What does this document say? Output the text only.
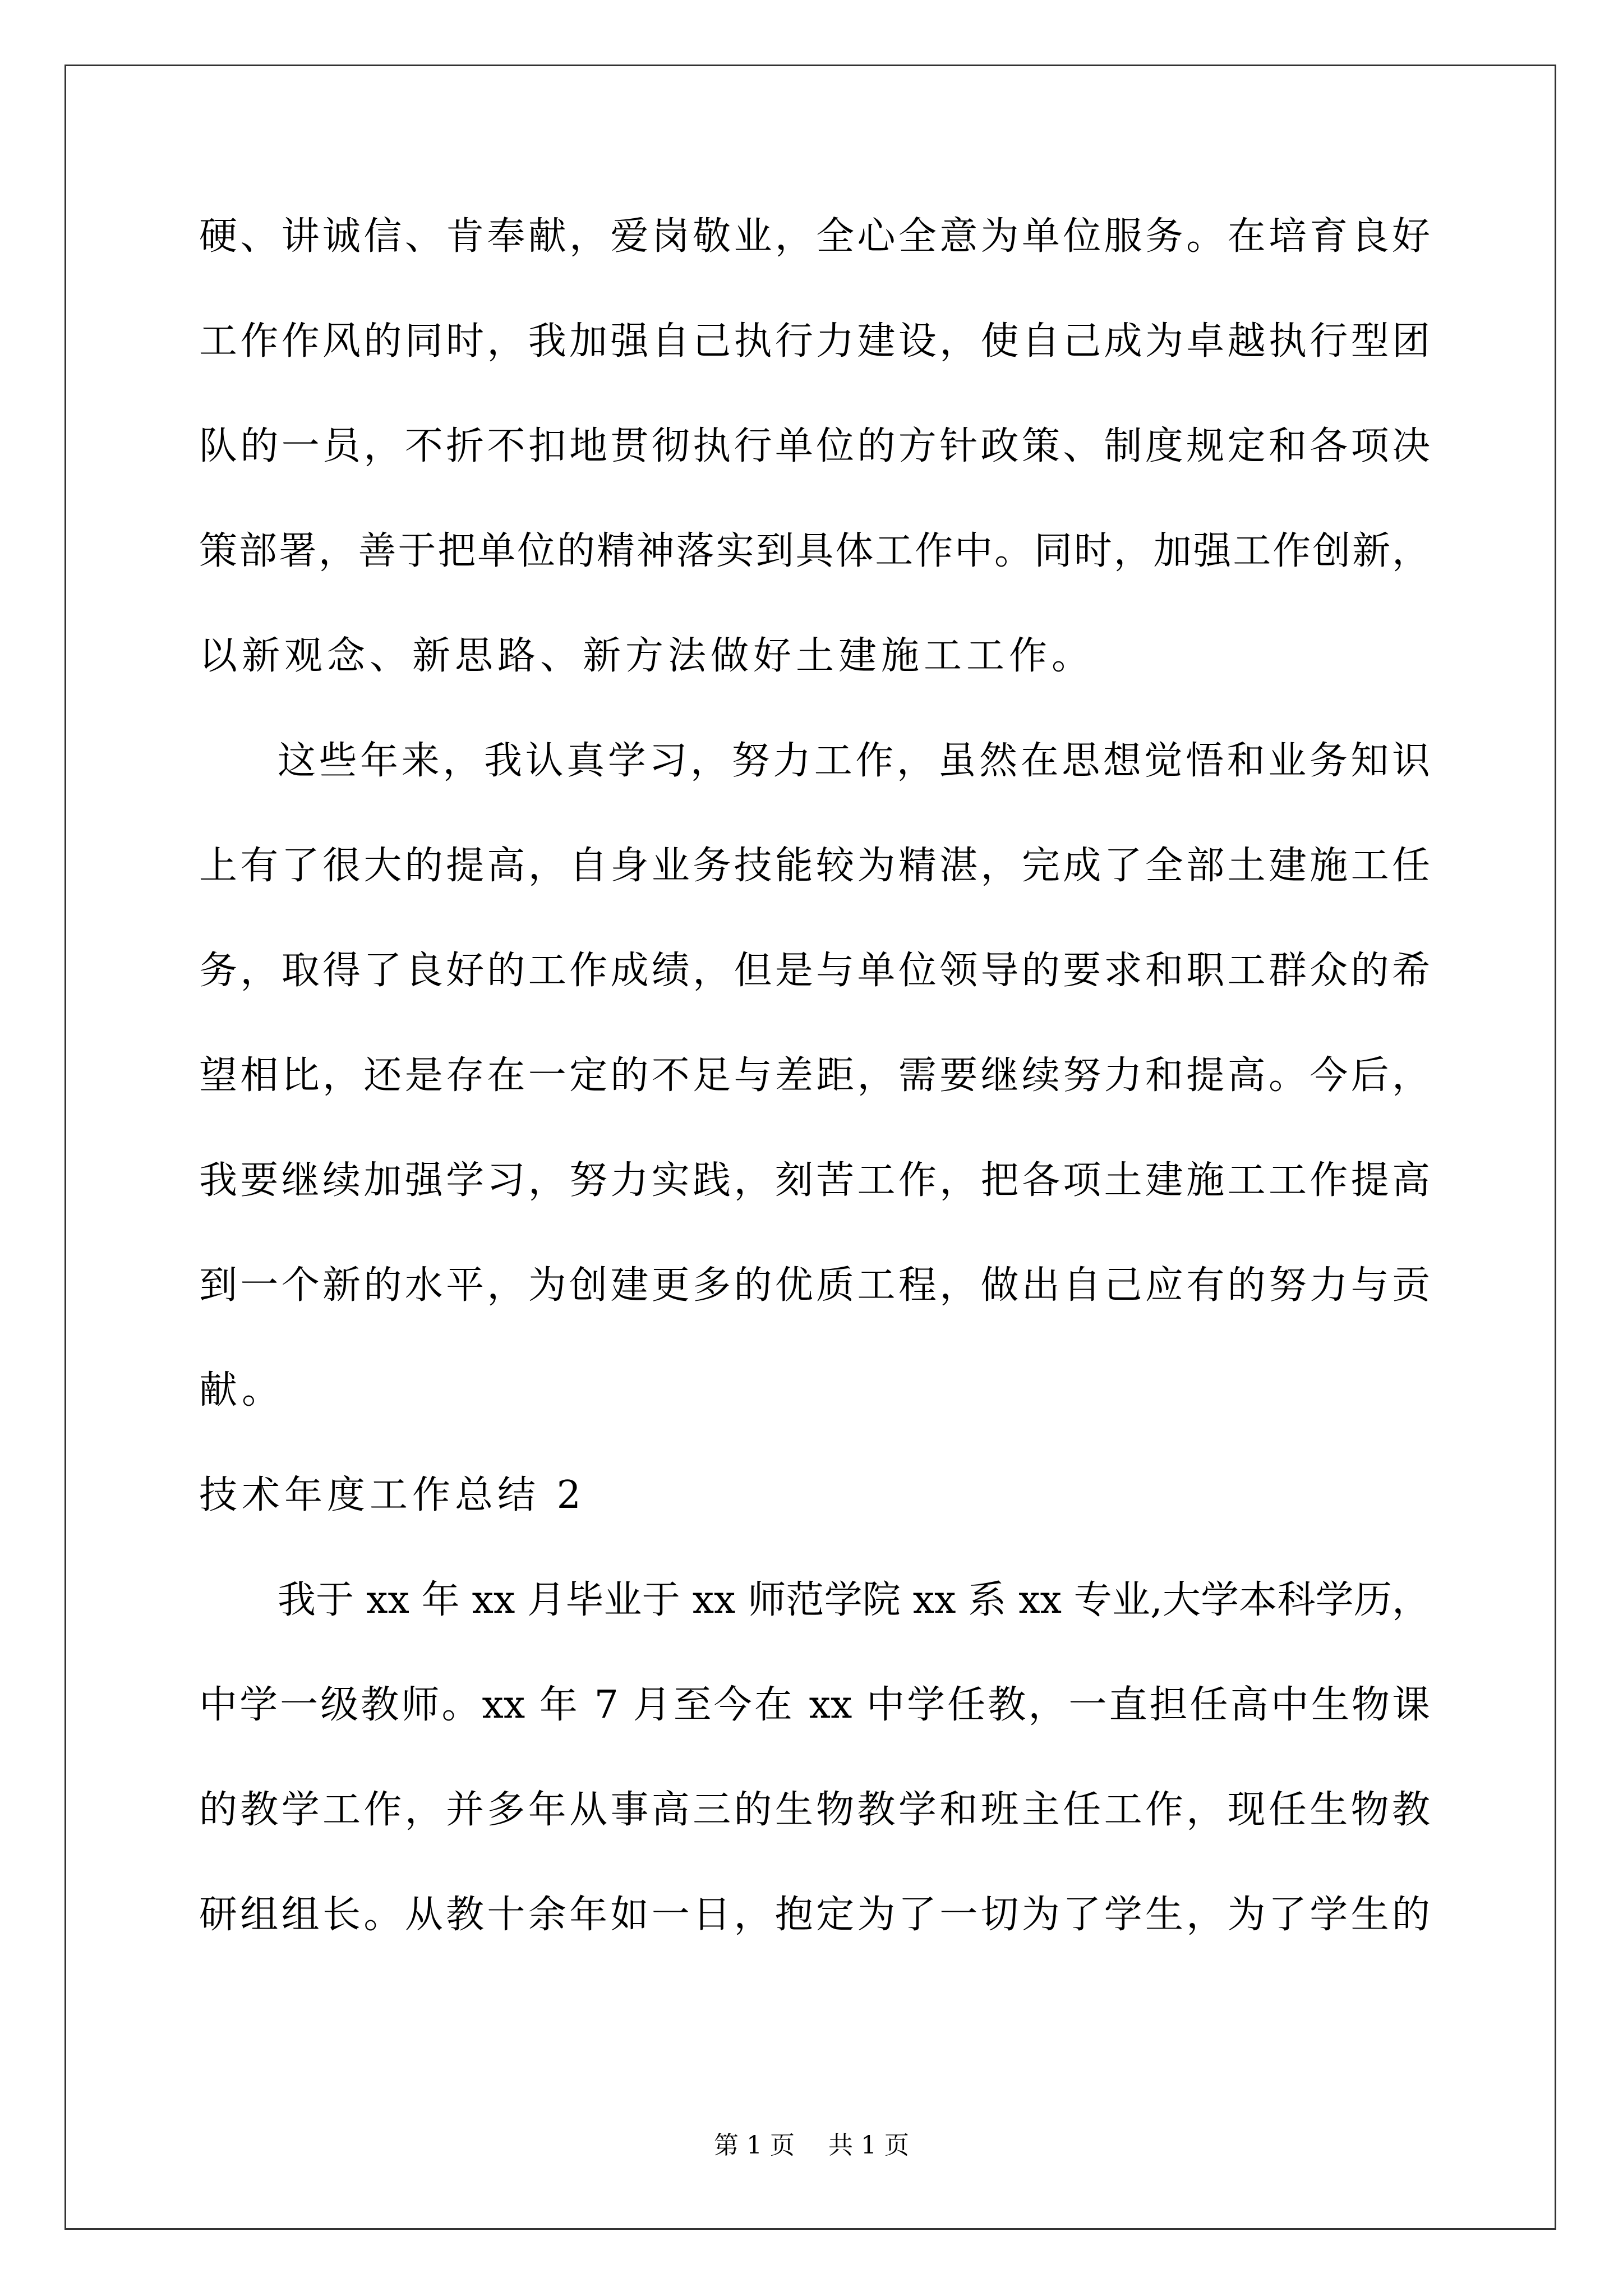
硬、讲诚信、肯奉献，爱岗敬业，全心全意为单位服务。在培育良好
工作作风的同时，我加强自己执行力建设，使自己成为卓越执行型团
队的一员，不折不扣地贯彻执行单位的方针政策、制度规定和各项决
策部署，善于把单位的精神落实到具体工作中。同时，加强工作创新，
以新观念、新思路、新方法做好土建施工工作。
这些年来，我认真学习，努力工作，虽然在思想觉悟和业务知识
上有了很大的提高，自身业务技能较为精湛，完成了全部土建施工任
务，取得了良好的工作成绩，但是与单位领导的要求和职工群众的希
望相比，还是存在一定的不足与差距，需要继续努力和提高。今后，
我要继续加强学习，努力实践，刻苦工作，把各项土建施工工作提高
到一个新的水平，为创建更多的优质工程，做出自己应有的努力与贡
献。
技术年度工作总结 2
我于 xx 年 xx 月毕业于 xx 师范学院 xx 系 xx 专业,大学本科学历，
中学一级教师。xx 年 7 月至今在 xx 中学任教，一直担任高中生物课
的教学工作，并多年从事高三的生物教学和班主任工作，现任生物教
研组组长。从教十余年如一日，抱定为了一切为了学生，为了学生的
第 1 页 共 1 页
